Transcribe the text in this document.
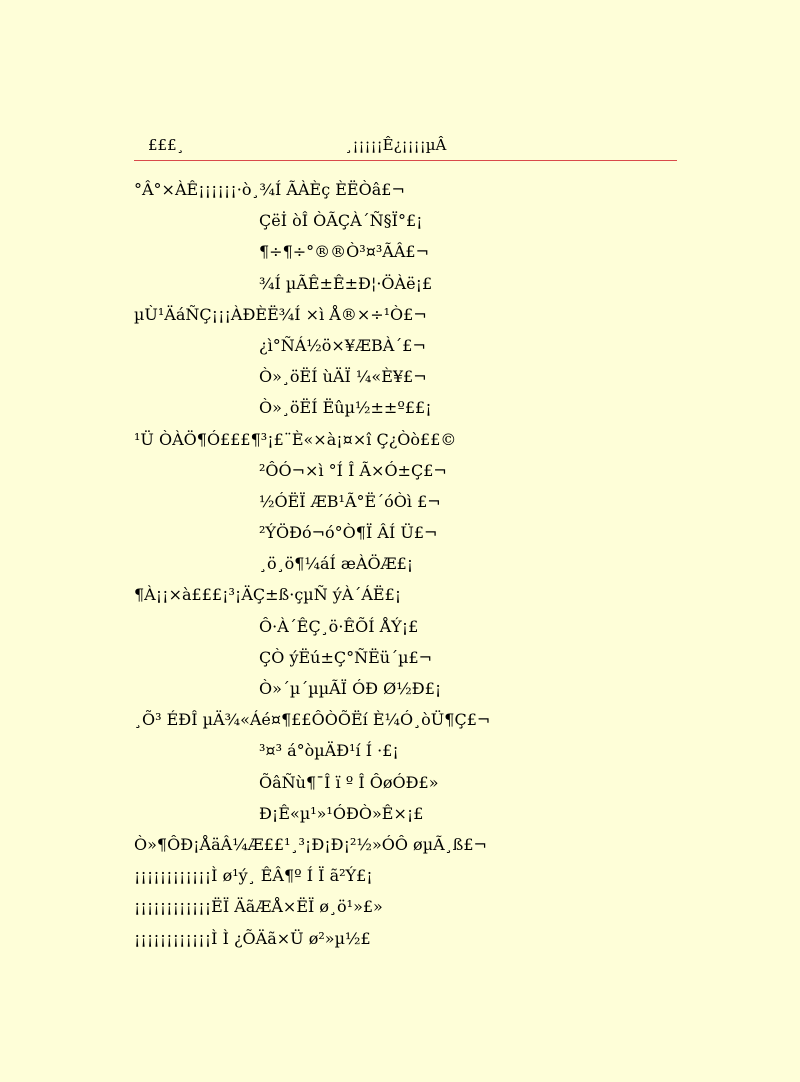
£££¸	¸¡¡¡¡¡Ê¿¡¡¡¡µÂ
°Â°×ÀÊ¡¡¡¡¡¡·ò¸¾Í ÃÀÈç ÈËÒâ£¬
Çëİ òÎ ÒÃÇÀ´Ñ§Ï°£¡
¶÷¶÷°®®Ò³¤³ÃÂ£¬
¾Í µÃÊ±Ê±Ð¦·ÖÀë¡£
µÙ¹ÄáÑÇ¡¡¡ÀÐÈË¾Í ×ì Å®×÷¹Ò£¬
¿ì°ÑÁ½ö×¥ÆBÀ´£¬
Ò»¸öËÍ ùÄÏ ¼«È¥£¬
Ò»¸öËÍ Ëûµ½±±º££¡
¹Ü ÒÀÖ¶Ó£££¶³¡£¨È«×à¡¤×î Ç¿Òò££©
²ÔÓ¬×ì °Í Î Ã×Ó±Ç£¬
½ÓËÏ ÆB¹Ã°Ë´óÒì £¬
²ÝÖÐó¬ó°Ò¶Ï ÂÍ Ü£¬
¸ö¸ö¶¼áÍ æÀÖÆ£¡
¶À¡¡×à£££¡³¡ÄÇ±ß·çµÑ ýÀ´ÁË£¡
Ô·À´ÊÇ¸ö·ÊÕÍ ÅÝ¡£
ÇÒ ýËú±Ç°ÑËü´µ£¬
Ò»´µ´µµÃÏ ÓÐ Ø½Ð£¡
¸Õ³ ÉÐÎ µÄ¾«Áé¤¶££ÔÒÕËí È¼Ó¸òÜ¶Ç£¬
³¤³ á°òµÄÐ¹í Í ·£¡
ÕâÑù¶¯Î ï º Î ÔøÓÐ£»
Ð¡Ê«µ¹»¹ÓÐÒ»Ê×¡£
Ò»¶ÔÐ¡ÅäÂ¼Æ££¹¸³¡Ð¡Ð¡²½»ÓÔ øµÃ¸ß£¬
¡¡¡¡¡¡¡¡¡¡¡¡Ì ø¹ý¸ ÊÂ¶º Í Ï ã²Ý£¡
¡¡¡¡¡¡¡¡¡¡¡¡ËÏ ÄãÆÅ×ËÏ ø¸ö¹»£»
¡¡¡¡¡¡¡¡¡¡¡¡Ì Ì ¿ÕÄã×Ü ø²»µ½£
